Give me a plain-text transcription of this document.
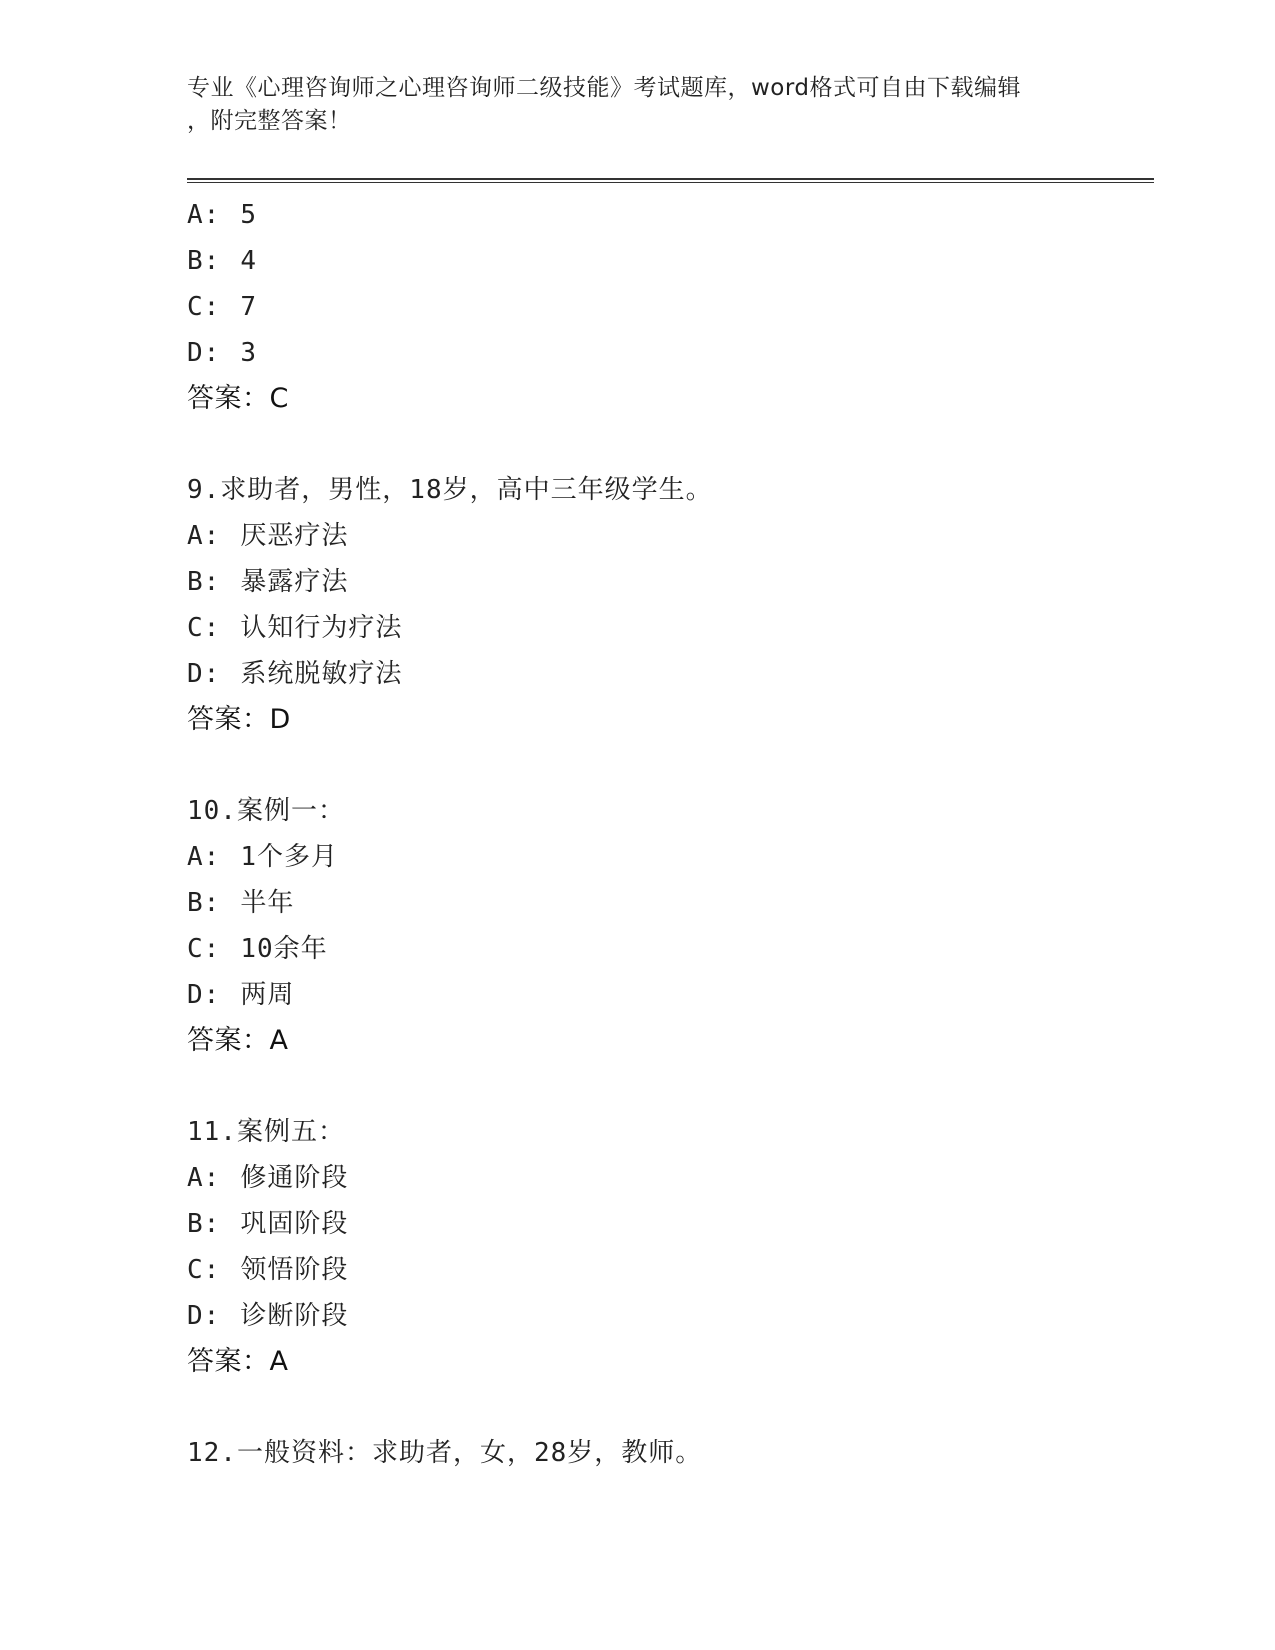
专业《心理咨询师之心理咨询师二级技能》考试题库，word格式可自由下载编辑
，附完整答案！
A: 5
B: 4
C: 7
D: 3
答案：C
9.求助者，男性，18岁，高中三年级学生。
A: 厌恶疗法
B: 暴露疗法
C: 认知行为疗法
D: 系统脱敏疗法
答案：D
10.案例一：
A: 1个多月
B: 半年
C: 10余年
D: 两周
答案：A
11.案例五：
A: 修通阶段
B: 巩固阶段
C: 领悟阶段
D: 诊断阶段
答案：A
12.一般资料：求助者，女，28岁，教师。
